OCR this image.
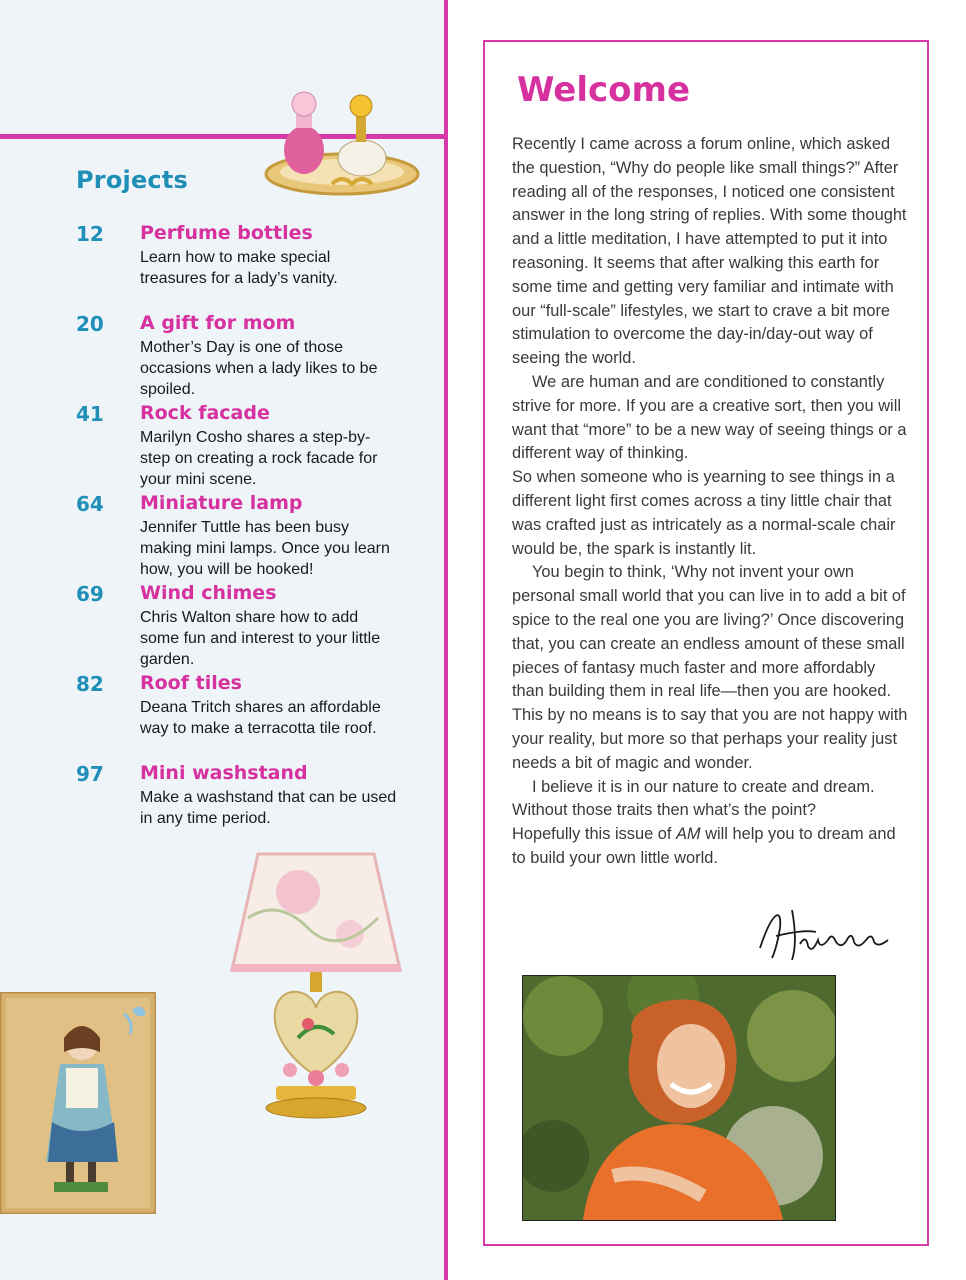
Projects
12 Perfume bottles
Learn how to make special treasures for a lady’s vanity.
20 A gift for mom
Mother’s Day is one of those occasions when a lady likes to be spoiled.
41 Rock facade
Marilyn Cosho shares a step-by-step on creating a rock facade for your mini scene.
64 Miniature lamp
Jennifer Tuttle has been busy making mini lamps. Once you learn how, you will be hooked!
69 Wind chimes
Chris Walton share how to add some fun and interest to your little garden.
82 Roof tiles
Deana Tritch shares an affordable way to make a terracotta tile roof.
97 Mini washstand
Make a washstand that can be used in any time period.
Welcome

Recently I came across a forum online, which asked the question, “Why do people like small things?” After reading all of the responses, I noticed one consistent answer in the long string of replies. With some thought and a little meditation, I have attempted to put it into reasoning. It seems that after walking this earth for some time and getting very familiar and intimate with our “full-scale” lifestyles, we start to crave a bit more stimulation to overcome the day-in/day-out way of seeing the world.

We are human and are conditioned to constantly strive for more. If you are a creative sort, then you will want that “more” to be a new way of seeing things or a different way of thinking.

So when someone who is yearning to see things in a different light first comes across a tiny little chair that was crafted just as intricately as a normal-scale chair would be, the spark is instantly lit.

You begin to think, ‘Why not invent your own personal small world that you can live in to add a bit of spice to the real one you are living?’ Once discovering that, you can create an endless amount of these small pieces of fantasy much faster and more affordably than building them in real life—then you are hooked. This by no means is to say that you are not happy with your reality, but more so that perhaps your reality just needs a bit of magic and wonder.

I believe it is in our nature to create and dream. Without those traits then what’s the point?

Hopefully this issue of AM will help you to dream and to build your own little world.
